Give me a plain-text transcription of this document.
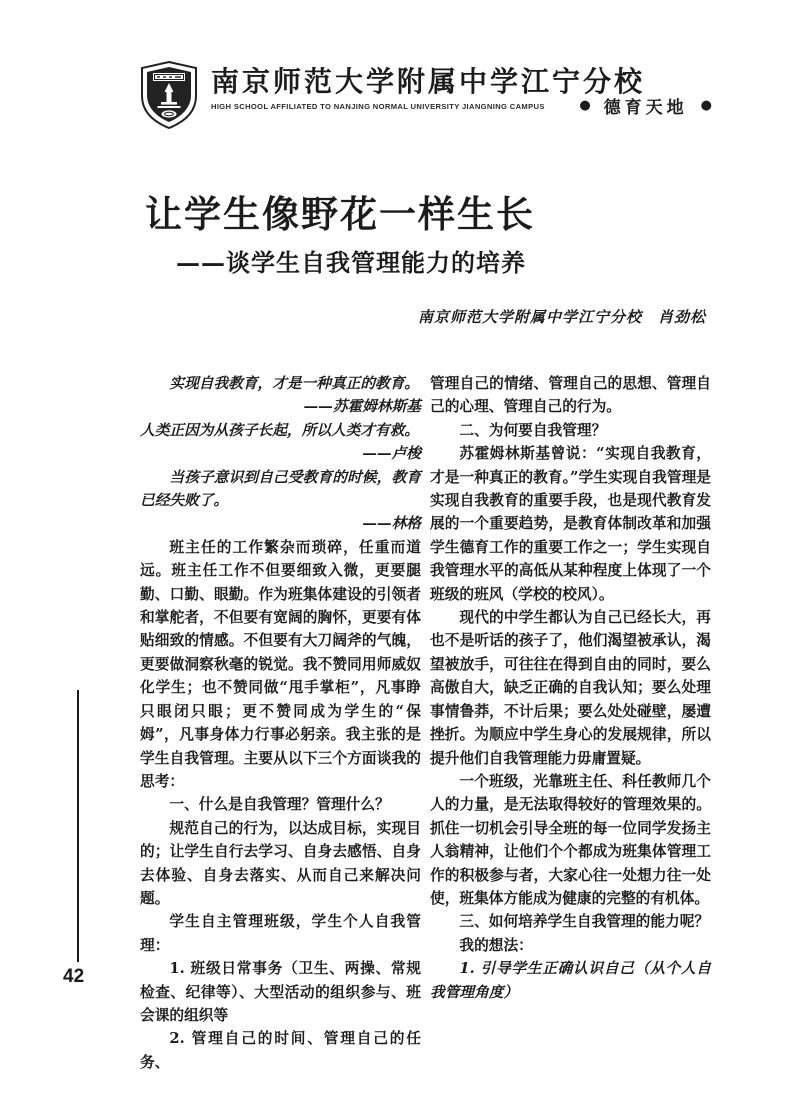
南京师范大学附属中学江宁分校
HIGH SCHOOL AFFILIATED TO NANJING NORMAL UNIVERSITY JIANGNING CAMPUS	● 德育天地 ●
让学生像野花一样生长
——谈学生自我管理能力的培养
南京师范大学附属中学江宁分校　肖劲松
实现自我教育，才是一种真正的教育。
——苏霍姆林斯基
人类正因为从孩子长起，所以人类才有救。
——卢梭
当孩子意识到自己受教育的时候，教育已经失败了。
——林格
班主任的工作繁杂而琐碎，任重而道远。班主任工作不但要细致入微，更要腿勤、口勤、眼勤。作为班集体建设的引领者和掌舵者，不但要有宽阔的胸怀，更要有体贴细致的情感。不但要有大刀阔斧的气魄，更要做洞察秋毫的锐觉。我不赞同用师威奴化学生；也不赞同做“甩手掌柜”，凡事睁只眼闭只眼；更不赞同成为学生的“保姆”，凡事身体力行事必躬亲。我主张的是学生自我管理。主要从以下三个方面谈我的思考：
一、什么是自我管理？管理什么？
规范自己的行为，以达成目标，实现目的；让学生自行去学习、自身去感悟、自身去体验、自身去落实、从而自己来解决问题。
学生自主管理班级，学生个人自我管理：
1. 班级日常事务（卫生、两操、常规检查、纪律等）、大型活动的组织参与、班会课的组织等
2. 管理自己的时间、管理自己的任务、
管理自己的情绪、管理自己的思想、管理自己的心理、管理自己的行为。
二、为何要自我管理？
苏霍姆林斯基曾说：“实现自我教育，才是一种真正的教育。”学生实现自我管理是实现自我教育的重要手段，也是现代教育发展的一个重要趋势，是教育体制改革和加强学生德育工作的重要工作之一；学生实现自我管理水平的高低从某种程度上体现了一个班级的班风（学校的校风）。
现代的中学生都认为自己已经长大，再也不是听话的孩子了，他们渴望被承认，渴望被放手，可往往在得到自由的同时，要么高傲自大，缺乏正确的自我认知；要么处理事情鲁莽，不计后果；要么处处碰壁，屡遭挫折。为顺应中学生身心的发展规律，所以提升他们自我管理能力毋庸置疑。
一个班级，光靠班主任、科任教师几个人的力量，是无法取得较好的管理效果的。抓住一切机会引导全班的每一位同学发扬主人翁精神，让他们个个都成为班集体管理工作的积极参与者，大家心往一处想力往一处使，班集体方能成为健康的完整的有机体。
三、如何培养学生自我管理的能力呢？
我的想法：
1. 引导学生正确认识自己（从个人自我管理角度）
42
